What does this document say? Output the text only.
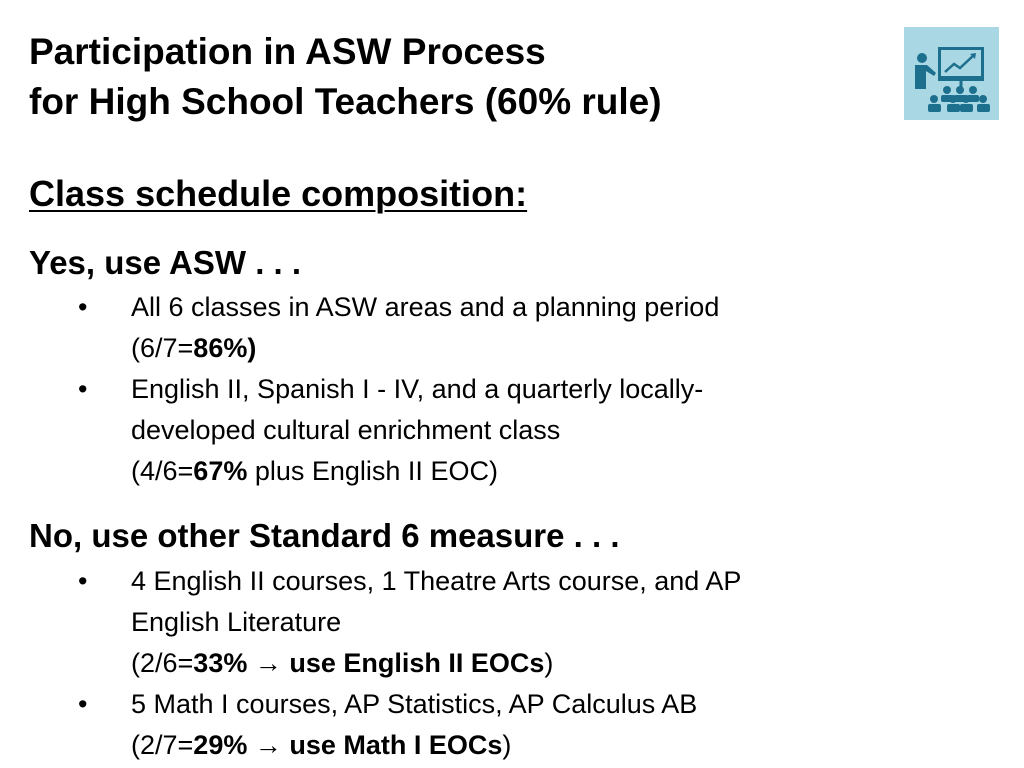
Participation in ASW Process
for High School Teachers (60% rule)
Class schedule composition:
Yes, use ASW . . .
• All 6 classes in ASW areas and a planning period
(6/7=86%)
• English II, Spanish I - IV, and a quarterly locally-
developed cultural enrichment class
(4/6=67% plus English II EOC)
No, use other Standard 6 measure . . .
• 4 English II courses, 1 Theatre Arts course, and AP
English Literature
(2/6=33% → use English II EOCs)
• 5 Math I courses, AP Statistics, AP Calculus AB
(2/7=29% → use Math I EOCs)
